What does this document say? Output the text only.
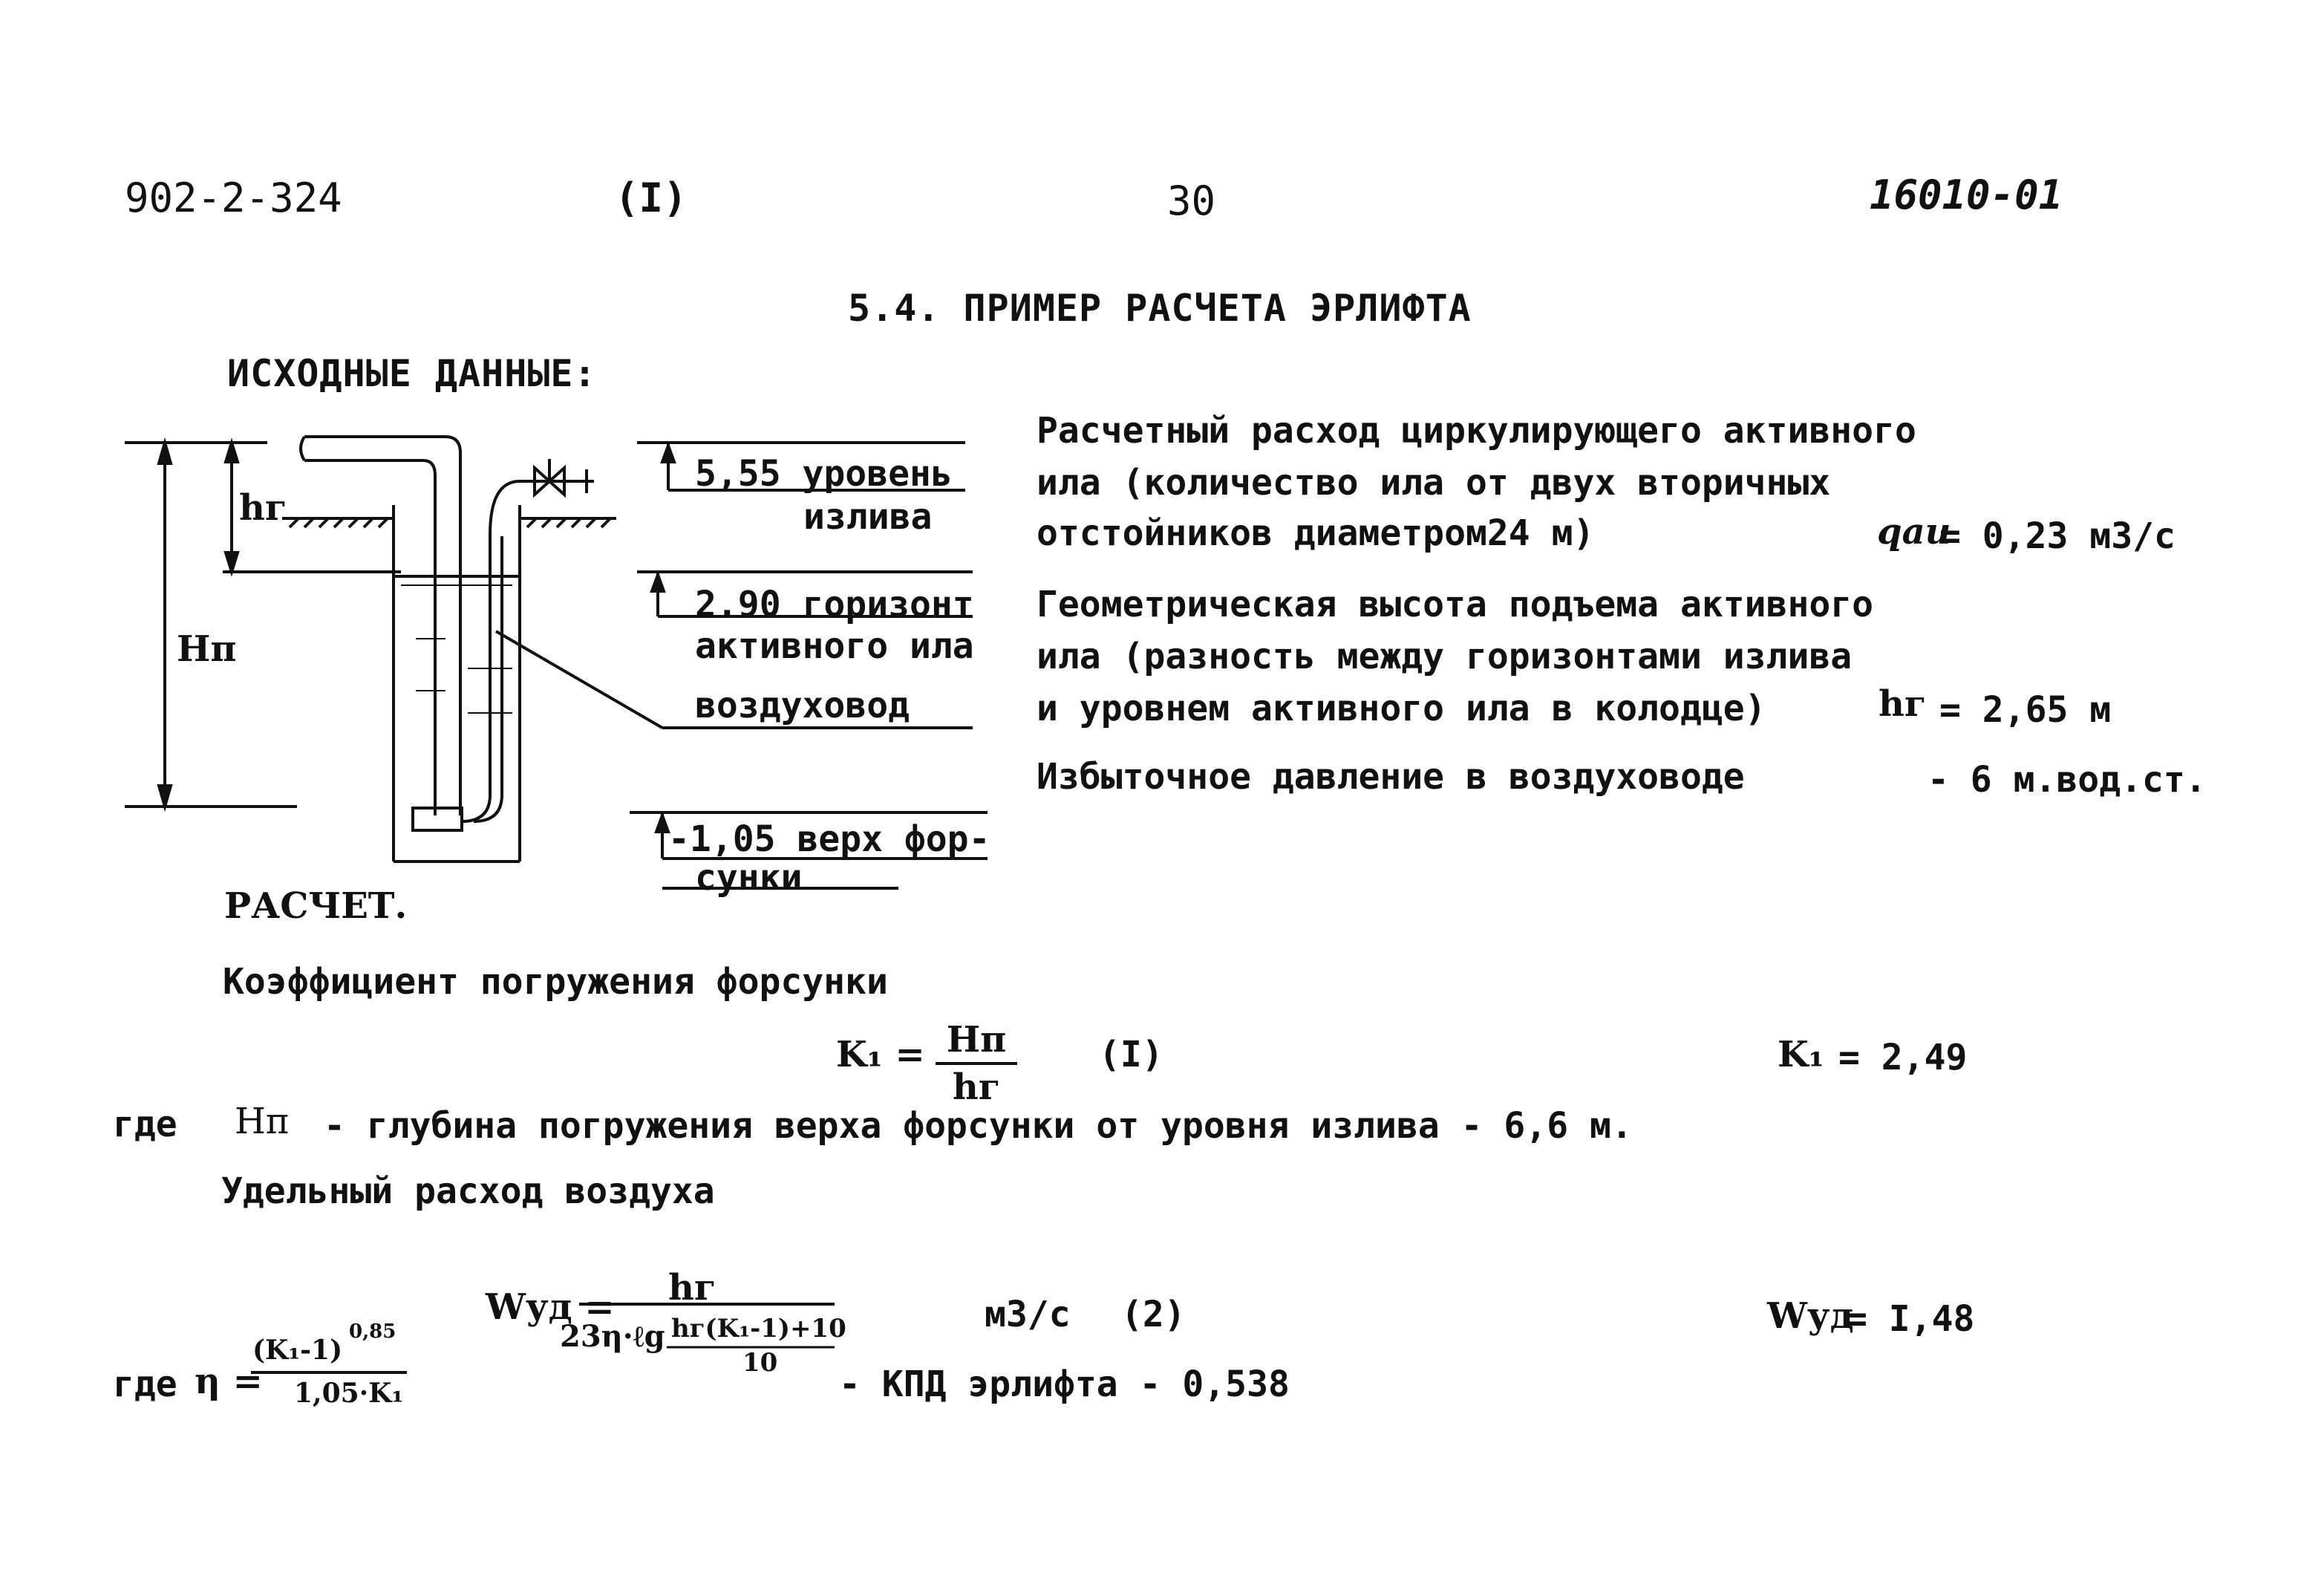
902-2-324	(I)	30	16010-01
5.4. ПРИМЕР РАСЧЕТА ЭРЛИФТА
ИСХОДНЫЕ ДАННЫЕ:
hг
Hп
5,55 уровень
излива
2.90 горизонт
активного ила
воздуховод
-1,05 верх фор-
сунки
Расчетный расход циркулирующего активного
ила (количество ила от двух вторичных
отстойников диаметром24 м)	qаи
= 0,23 м3/с
Геометрическая высота подъема активного
ила (разность между горизонтами излива
и уровнем активного ила в колодце)	hг = 2,65 м
Избыточное давление в воздуховоде	- 6 м.вод.ст.
РАСЧЕТ.
Коэффициент погружения форсунки
K₁ = Hп
hг
(I)	K₁ = 2,49
где Hп - глубина погружения верха форсунки от уровня излива - 6,6 м.
Удельный расход воздуха
Wуд = hг
23η·ℓg hг(K₁-1)+10
10
м3/с (2)	Wуд
= I,48
где η =
(K₁-1)
0,85
1,05·K₁	- КПД эрлифта - 0,538
